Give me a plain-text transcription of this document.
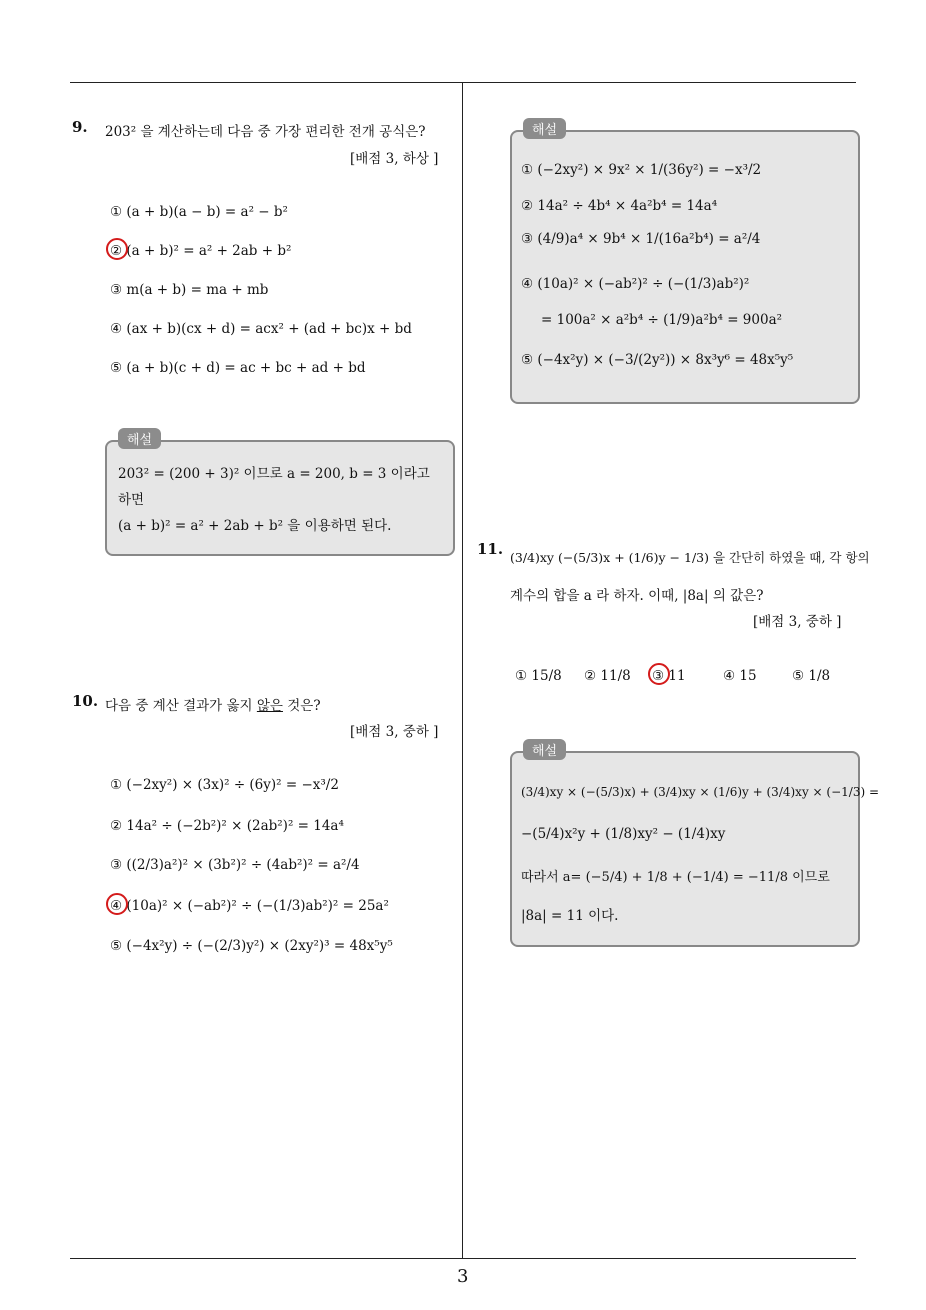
3
9. 203² 을 계산하는데 다음 중 가장 편리한 전개 공식은?
[배점 3, 하상 ]
① (a + b)(a − b) = a² − b²
② (a + b)² = a² + 2ab + b²
③ m(a + b) = ma + mb
④ (ax + b)(cx + d) = acx² + (ad + bc)x + bd
⑤ (a + b)(c + d) = ac + bc + ad + bd
해설
203² = (200 + 3)² 이므로 a = 200, b = 3 이라고
하면
(a + b)² = a² + 2ab + b² 을 이용하면 된다.
10. 다음 중 계산 결과가 옳지 않은 것은?
[배점 3, 중하 ]
① (−2xy²) × (3x)² ÷ (6y)² = −x³/2
② 14a² ÷ (−2b²)² × (2ab²)² = 14a⁴
③ ((2/3)a²)² × (3b²)² ÷ (4ab²)² = a²/4
④ (10a)² × (−ab²)² ÷ (−(1/3)ab²)² = 25a²
⑤ (−4x²y) ÷ (−(2/3)y²) × (2xy²)³ = 48x⁵y⁵
해설
① (−2xy²) × 9x² × 1/(36y²) = −x³/2
② 14a² ÷ 4b⁴ × 4a²b⁴ = 14a⁴
③ (4/9)a⁴ × 9b⁴ × 1/(16a²b⁴) = a²/4
④ (10a)² × (−ab²)² ÷ (−(1/3)ab²)²
= 100a² × a²b⁴ ÷ (1/9)a²b⁴ = 900a²
⑤ (−4x²y) × (−3/(2y²)) × 8x³y⁶ = 48x⁵y⁵
11. (3/4)xy (−(5/3)x + (1/6)y − 1/3) 을 간단히 하였을 때, 각 항의
계수의 합을 a 라 하자. 이때, |8a| 의 값은?
[배점 3, 중하 ]
① 15/8 ② 11/8 ③ 11	④ 15	⑤ 1/8
해설
(3/4)xy × (−(5/3)x) + (3/4)xy × (1/6)y + (3/4)xy × (−1/3) =
−(5/4)x²y + (1/8)xy² − (1/4)xy
따라서 a= (−5/4) + 1/8 + (−1/4) = −11/8 이므로
|8a| = 11 이다.
